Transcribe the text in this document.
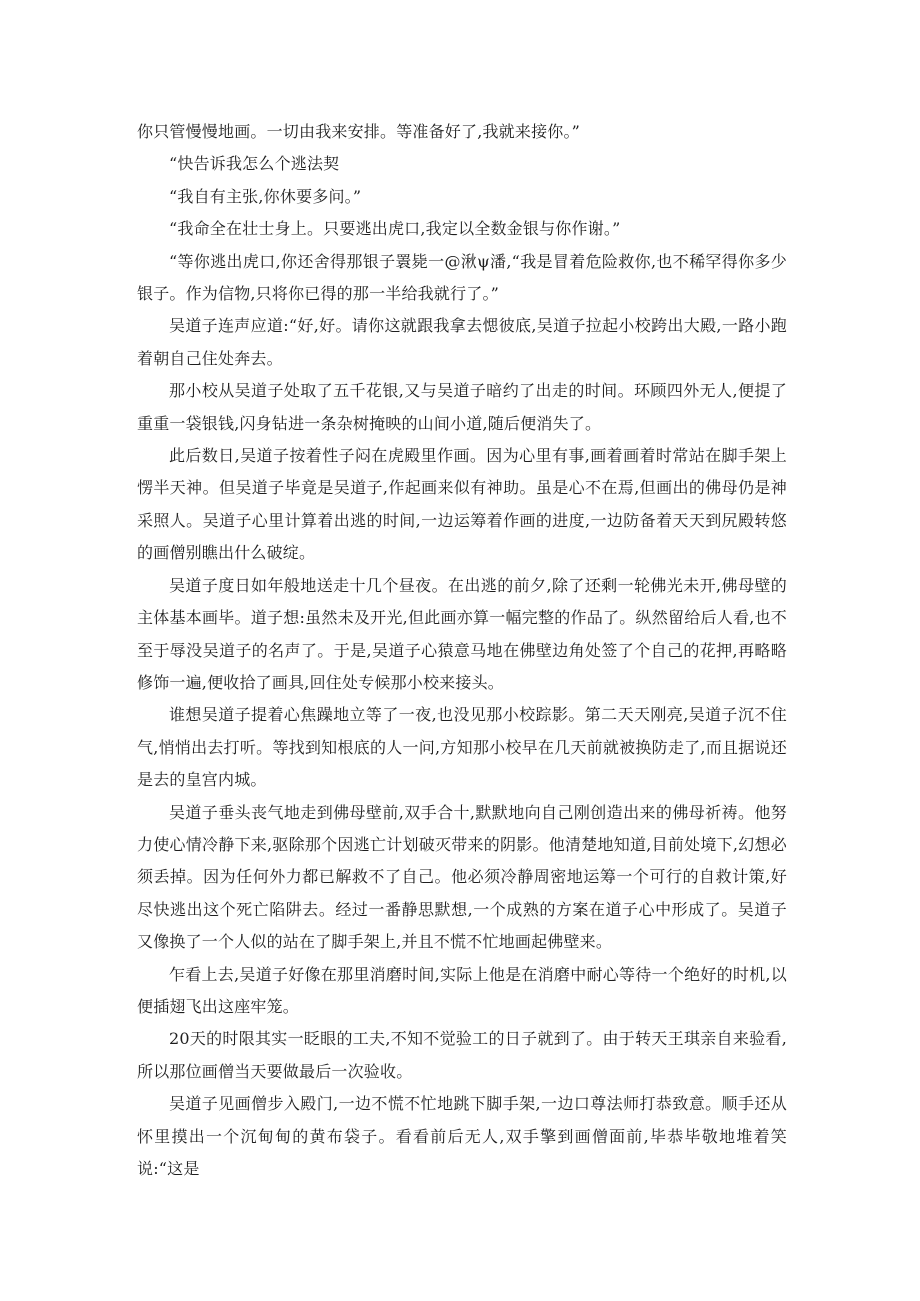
你只管慢慢地画。一切由我来安排。等准备好了,我就来接你。”

“快告诉我怎么个逃法契

“我自有主张,你休要多问。”

“我命全在壮士身上。只要逃出虎口,我定以全数金银与你作谢。”

“等你逃出虎口,你还舍得那银子瞏毙一@湫ψ潘,“我是冒着危险救你,也不稀罕得你多少银子。作为信物,只将你已得的那一半给我就行了。”

吴道子连声应道:“好,好。请你这就跟我拿去愢彼底,吴道子拉起小校跨出大殿,一路小跑着朝自己住处奔去。

那小校从吴道子处取了五千花银,又与吴道子暗约了出走的时间。环顾四外无人,便提了重重一袋银钱,闪身钻进一条杂树掩映的山间小道,随后便消失了。

此后数日,吴道子按着性子闷在虎殿里作画。因为心里有事,画着画着时常站在脚手架上愣半天神。但吴道子毕竟是吴道子,作起画来似有神助。虽是心不在焉,但画出的佛母仍是神采照人。吴道子心里计算着出逃的时间,一边运筹着作画的进度,一边防备着天天到尻殿转悠的画僧别瞧出什么破绽。

吴道子度日如年般地送走十几个昼夜。在出逃的前夕,除了还剩一轮佛光未开,佛母壁的主体基本画毕。道子想:虽然未及开光,但此画亦算一幅完整的作品了。纵然留给后人看,也不至于辱没吴道子的名声了。于是,吴道子心猿意马地在佛壁边角处签了个自己的花押,再略略修饰一遍,便收拾了画具,回住处专候那小校来接头。

谁想吴道子提着心焦躁地立等了一夜,也没见那小校踪影。第二天天刚亮,吴道子沉不住气,悄悄出去打听。等找到知根底的人一问,方知那小校早在几天前就被换防走了,而且据说还是去的皇宫内城。

吴道子垂头丧气地走到佛母壁前,双手合十,默默地向自己刚创造出来的佛母祈祷。他努力使心情冷静下来,驱除那个因逃亡计划破灭带来的阴影。他清楚地知道,目前处境下,幻想必须丢掉。因为任何外力都已解救不了自己。他必须冷静周密地运筹一个可行的自救计策,好尽快逃出这个死亡陷阱去。经过一番静思默想,一个成熟的方案在道子心中形成了。吴道子又像换了一个人似的站在了脚手架上,并且不慌不忙地画起佛壁来。

乍看上去,吴道子好像在那里消磨时间,实际上他是在消磨中耐心等待一个绝好的时机,以便插翅飞出这座牢笼。

20天的时限其实一眨眼的工夫,不知不觉验工的日子就到了。由于转天王琪亲自来验看,所以那位画僧当天要做最后一次验收。

吴道子见画僧步入殿门,一边不慌不忙地跳下脚手架,一边口尊法师打恭致意。顺手还从怀里摸出一个沉甸甸的黄布袋子。看看前后无人,双手擎到画僧面前,毕恭毕敬地堆着笑说:“这是
